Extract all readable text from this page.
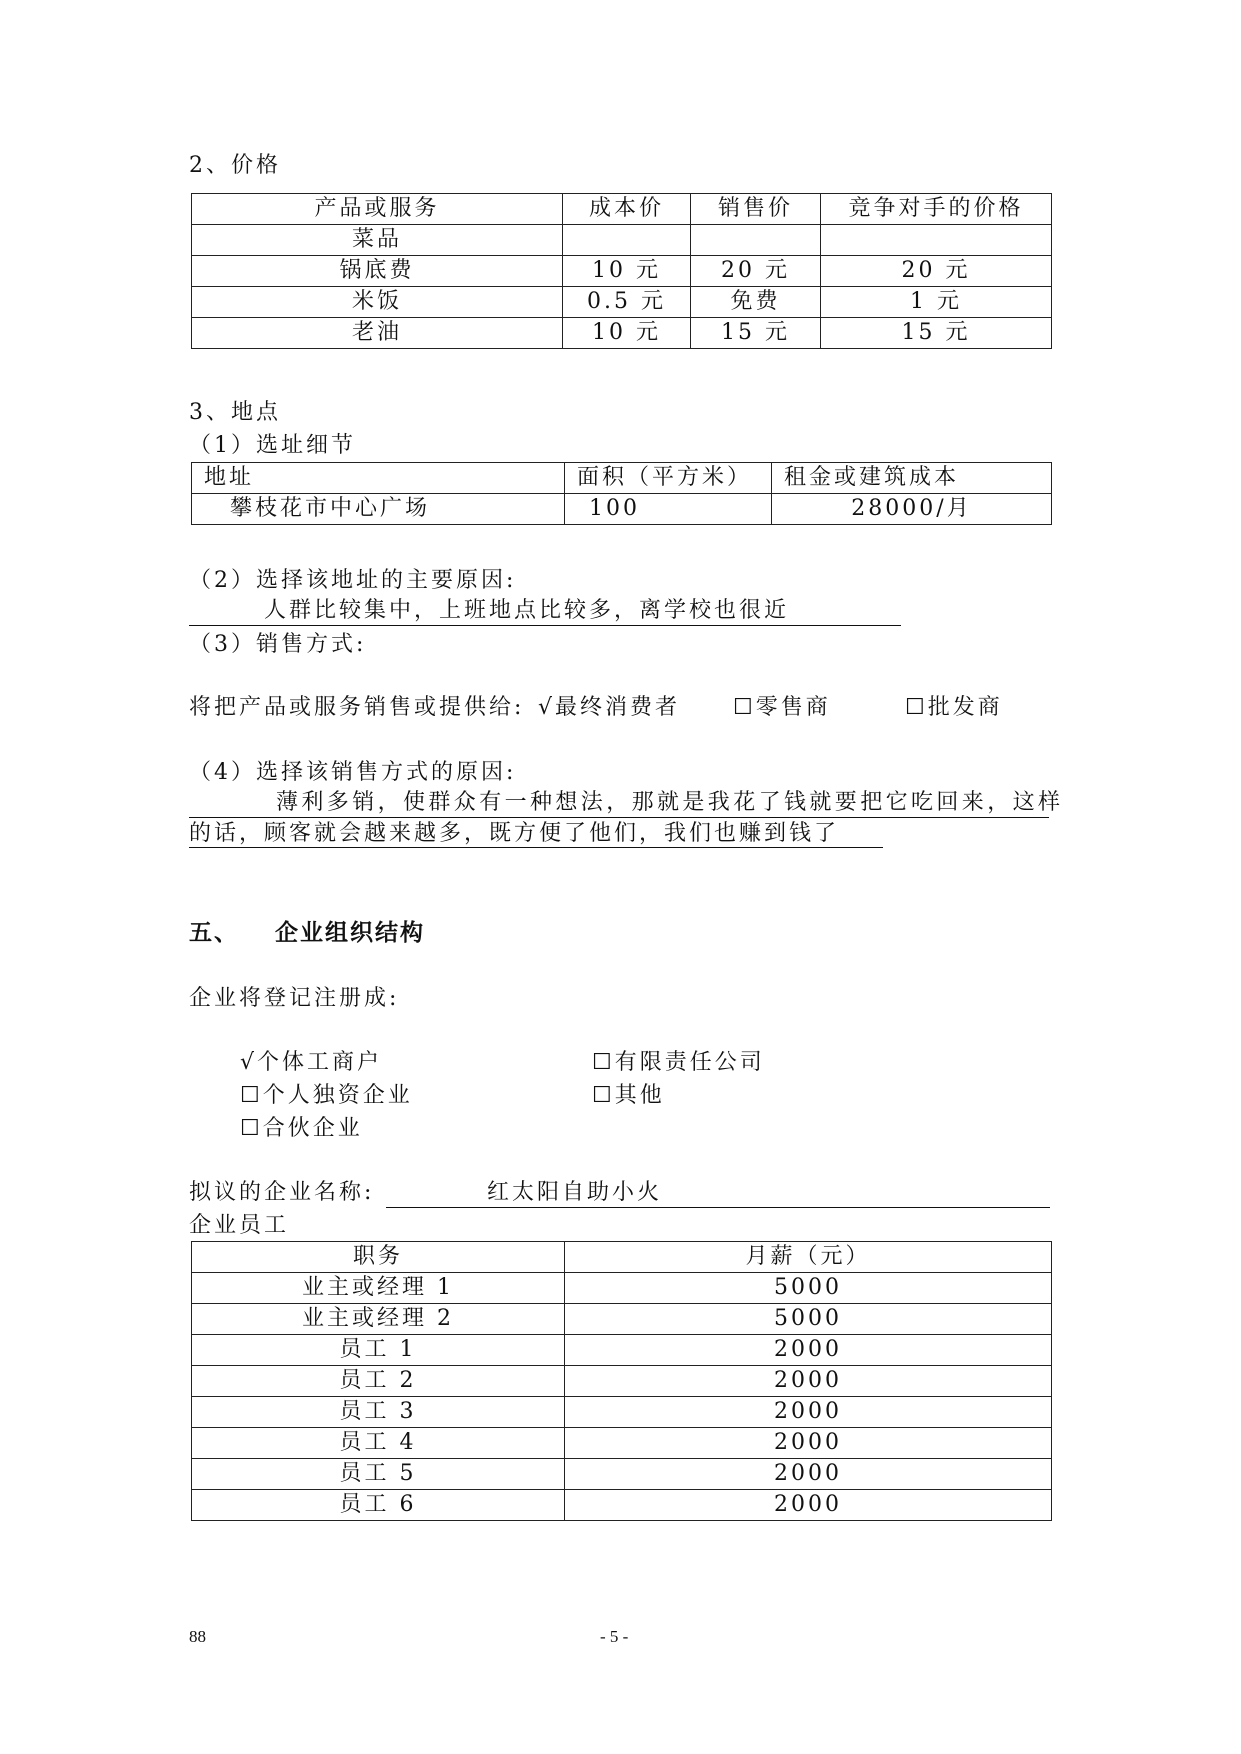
2、价格
产品或服务	成本价	销售价	竞争对手的价格
菜品			
锅底费	10 元	20 元	20 元
米饭	0.5 元	免费	1 元
老油	10 元	15 元	15 元
3、地点
（1）选址细节
地址	面积（平方米）	租金或建筑成本
攀枝花市中心广场	100	28000/月
（2）选择该地址的主要原因:
人群比较集中，上班地点比较多，离学校也很近
（3）销售方式:
将把产品或服务销售或提供给: √最终消费者 ☐零售商	☐批发商
（4）选择该销售方式的原因:
薄利多销，使群众有一种想法，那就是我花了钱就要把它吃回来，这样
的话，顾客就会越来越多，既方便了他们，我们也赚到钱了
五、 企业组织结构
企业将登记注册成:
√个体工商户	☐有限责任公司
☐个人独资企业	☐其他
☐合伙企业
拟议的企业名称:	红太阳自助小火
企业员工
职务	月薪（元）
业主或经理 1	5000
业主或经理 2	5000
员工 1	2000
员工 2	2000
员工 3	2000
员工 4	2000
员工 5	2000
员工 6	2000
88	- 5 -
